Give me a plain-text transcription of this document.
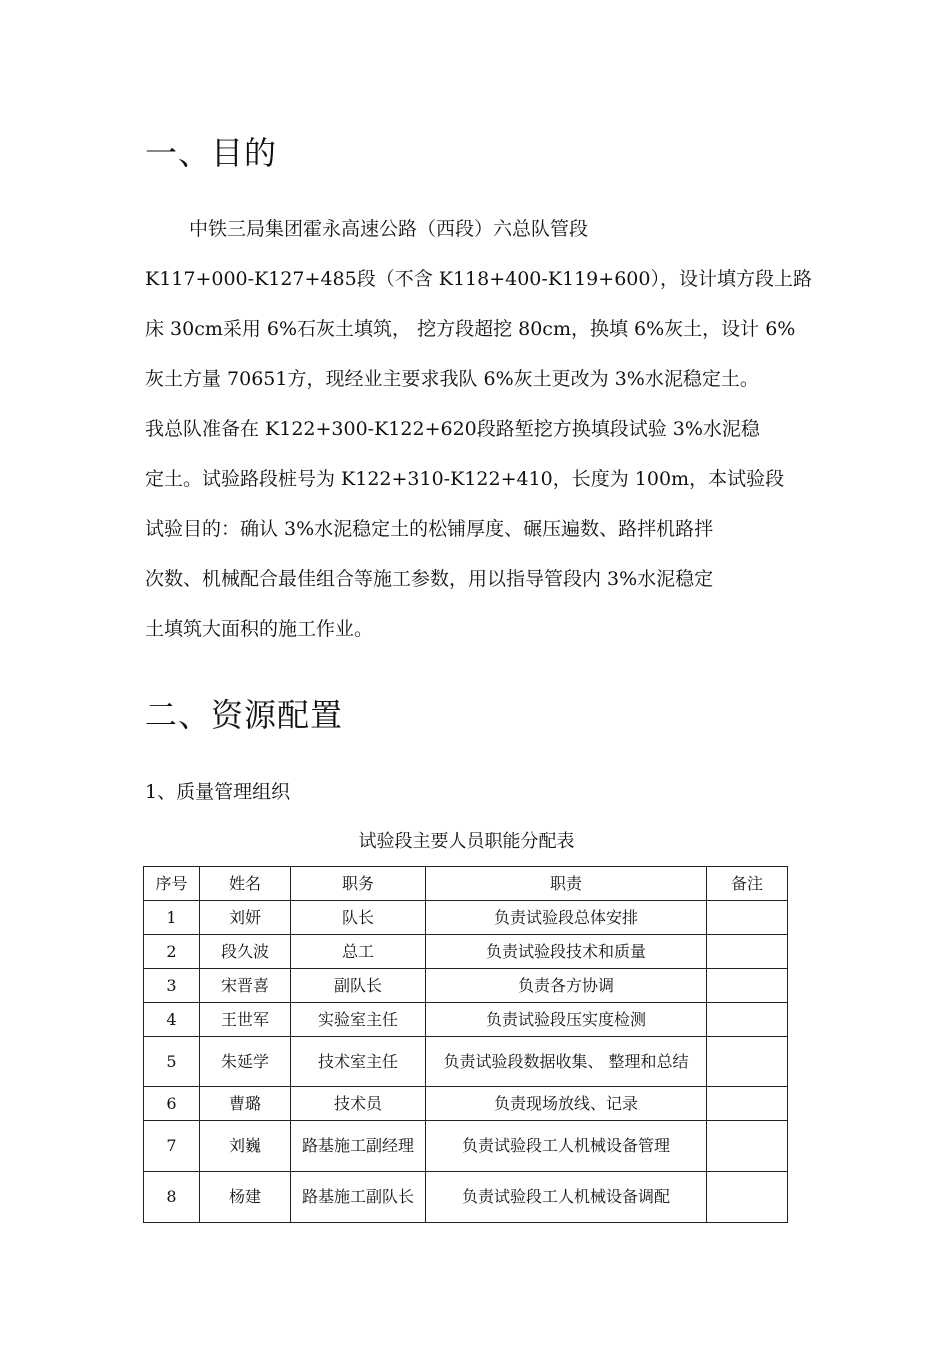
一、目的
中铁三局集团霍永高速公路（西段）六总队管段
K117+000-K127+485段（不含 K118+400-K119+600），设计填方段上路
床 30cm采用 6%石灰土填筑， 挖方段超挖 80cm，换填 6%灰土，设计 6%
灰土方量 70651方，现经业主要求我队 6%灰土更改为 3%水泥稳定土。
我总队准备在 K122+300-K122+620段路堑挖方换填段试验 3%水泥稳
定土。试验路段桩号为 K122+310-K122+410，长度为 100m，本试验段
试验目的：确认 3%水泥稳定土的松铺厚度、碾压遍数、路拌机路拌
次数、机械配合最佳组合等施工参数，用以指导管段内 3%水泥稳定
土填筑大面积的施工作业。
二、资源配置
1、质量管理组织
试验段主要人员职能分配表
序号	姓名	职务	职责	备注
1	刘妍	队长	负责试验段总体安排	
2	段久波	总工	负责试验段技术和质量	
3	宋晋喜	副队长	负责各方协调	
4	王世军	实验室主任	负责试验段压实度检测	
5	朱延学	技术室主任	负责试验段数据收集、 整理和总结	
6	曹璐	技术员	负责现场放线、记录	
7	刘巍	路基施工副经理	负责试验段工人机械设备管理	
8	杨建	路基施工副队长	负责试验段工人机械设备调配	
